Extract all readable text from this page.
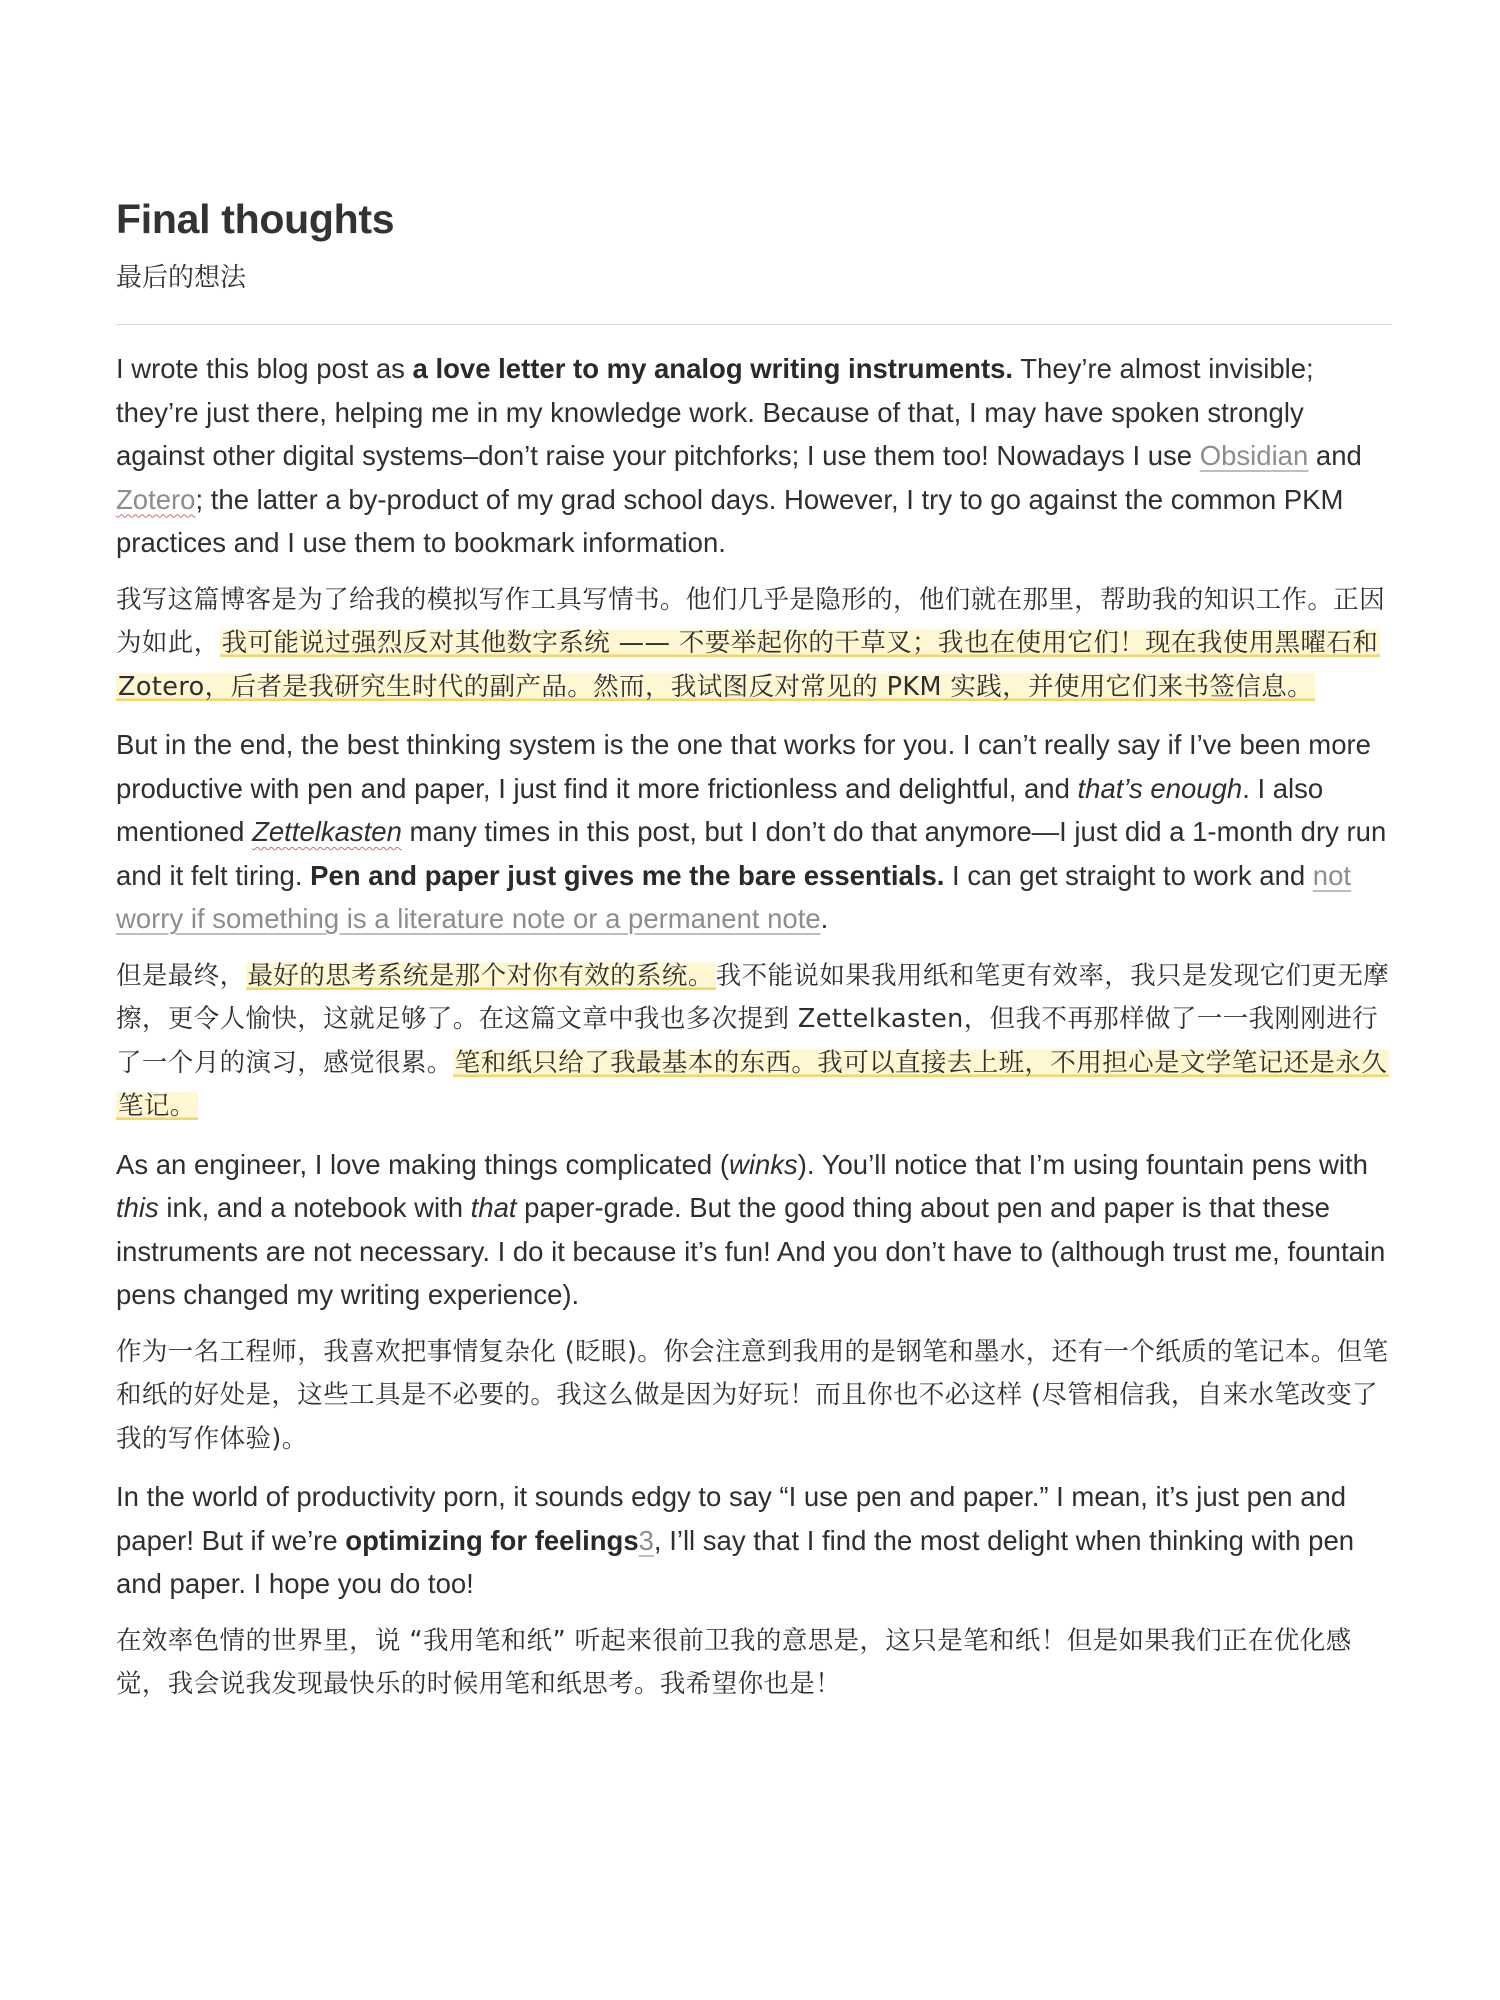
Final thoughts
最后的想法

I wrote this blog post as a love letter to my analog writing instruments. They’re almost invisible; they’re just there, helping me in my knowledge work. Because of that, I may have spoken strongly against other digital systems–don’t raise your pitchforks; I use them too! Nowadays I use Obsidian and Zotero; the latter a by-product of my grad school days. However, I try to go against the common PKM practices and I use them to bookmark information.

我写这篇博客是为了给我的模拟写作工具写情书。他们几乎是隐形的，他们就在那里，帮助我的知识工作。正因为如此，我可能说过强烈反对其他数字系统 —— 不要举起你的干草叉；我也在使用它们！现在我使用黑曜石和 Zotero，后者是我研究生时代的副产品。然而，我试图反对常见的 PKM 实践，并使用它们来书签信息。

But in the end, the best thinking system is the one that works for you. I can’t really say if I’ve been more productive with pen and paper, I just find it more frictionless and delightful, and that’s enough. I also mentioned Zettelkasten many times in this post, but I don’t do that anymore—I just did a 1-month dry run and it felt tiring. Pen and paper just gives me the bare essentials. I can get straight to work and not worry if something is a literature note or a permanent note.

但是最终，最好的思考系统是那个对你有效的系统。我不能说如果我用纸和笔更有效率，我只是发现它们更无摩擦，更令人愉快，这就足够了。在这篇文章中我也多次提到 Zettelkasten，但我不再那样做了一一我刚刚进行了一个月的演习，感觉很累。笔和纸只给了我最基本的东西。我可以直接去上班，不用担心是文学笔记还是永久笔记。

As an engineer, I love making things complicated (winks). You’ll notice that I’m using fountain pens with this ink, and a notebook with that paper-grade. But the good thing about pen and paper is that these instruments are not necessary. I do it because it’s fun! And you don’t have to (although trust me, fountain pens changed my writing experience).

作为一名工程师，我喜欢把事情复杂化 (眨眼)。你会注意到我用的是钢笔和墨水，还有一个纸质的笔记本。但笔和纸的好处是，这些工具是不必要的。我这么做是因为好玩！而且你也不必这样 (尽管相信我，自来水笔改变了我的写作体验)。

In the world of productivity porn, it sounds edgy to say “I use pen and paper.” I mean, it’s just pen and paper! But if we’re optimizing for feelings3, I’ll say that I find the most delight when thinking with pen and paper. I hope you do too!

在效率色情的世界里，说 “我用笔和纸” 听起来很前卫我的意思是，这只是笔和纸！但是如果我们正在优化感觉，我会说我发现最快乐的时候用笔和纸思考。我希望你也是！
